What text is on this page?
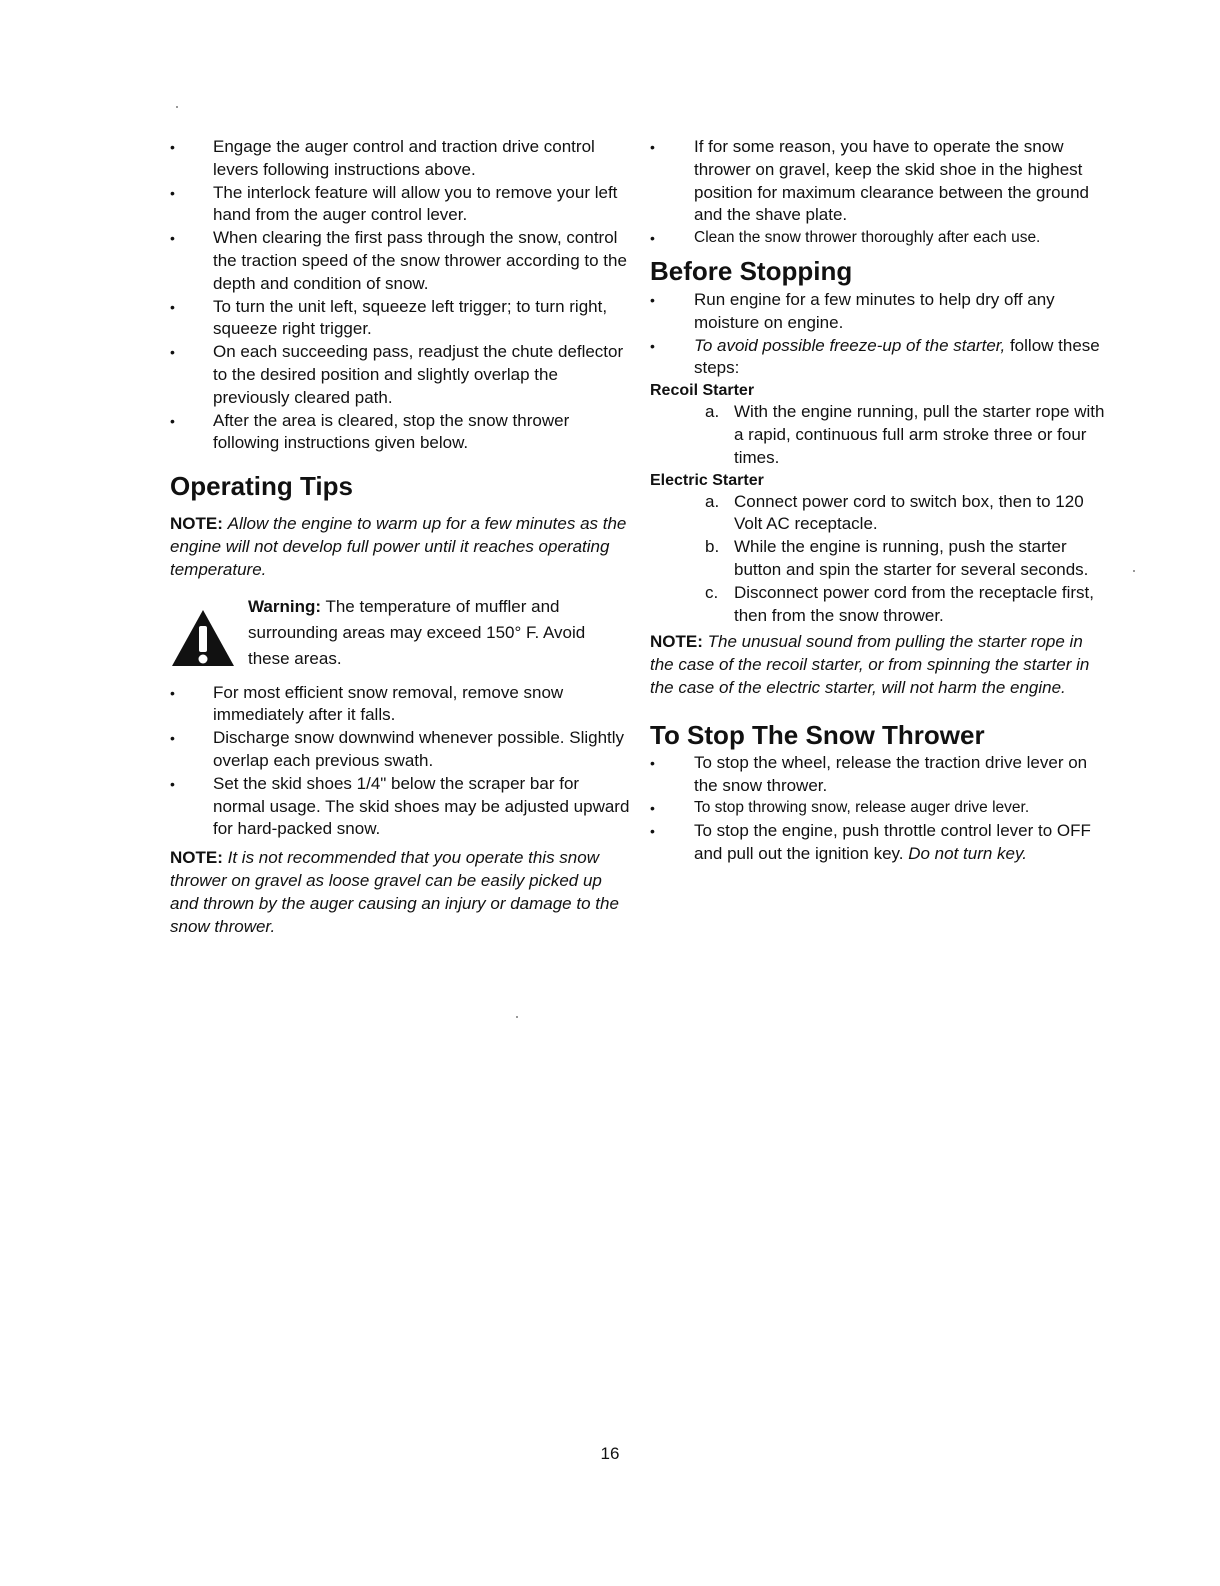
• Engage the auger control and traction drive control levers following instructions above.
• The interlock feature will allow you to remove your left hand from the auger control lever.
• When clearing the first pass through the snow, control the traction speed of the snow thrower according to the depth and condition of snow.
• To turn the unit left, squeeze left trigger; to turn right, squeeze right trigger.
• On each succeeding pass, readjust the chute deflector to the desired position and slightly overlap the previously cleared path.
• After the area is cleared, stop the snow thrower following instructions given below.
Operating Tips

NOTE: Allow the engine to warm up for a few minutes as the engine will not develop full power until it reaches operating temperature.

Warning: The temperature of muffler and surrounding areas may exceed 150° F. Avoid these areas.
• For most efficient snow removal, remove snow immediately after it falls.
• Discharge snow downwind whenever possible. Slightly overlap each previous swath.
• Set the skid shoes 1/4" below the scraper bar for normal usage. The skid shoes may be adjusted upward for hard-packed snow.

NOTE: It is not recommended that you operate this snow thrower on gravel as loose gravel can be easily picked up and thrown by the auger causing an injury or damage to the snow thrower.

• If for some reason, you have to operate the snow thrower on gravel, keep the skid shoe in the highest position for maximum clearance between the ground and the shave plate.
• Clean the snow thrower thoroughly after each use.
Before Stopping
• Run engine for a few minutes to help dry off any moisture on engine.
• To avoid possible freeze-up of the starter, follow these steps:

Recoil Starter

a. With the engine running, pull the starter rope with a rapid, continuous full arm stroke three or four times.

Electric Starter

a. Connect power cord to switch box, then to 120 Volt AC receptacle.
b. While the engine is running, push the starter button and spin the starter for several seconds.
c. Disconnect power cord from the receptacle first, then from the snow thrower.

NOTE: The unusual sound from pulling the starter rope in the case of the recoil starter, or from spinning the starter in the case of the electric starter, will not harm the engine.

To Stop The Snow Thrower
• To stop the wheel, release the traction drive lever on the snow thrower.
• To stop throwing snow, release auger drive lever.
• To stop the engine, push throttle control lever to OFF and pull out the ignition key. Do not turn key.
16
